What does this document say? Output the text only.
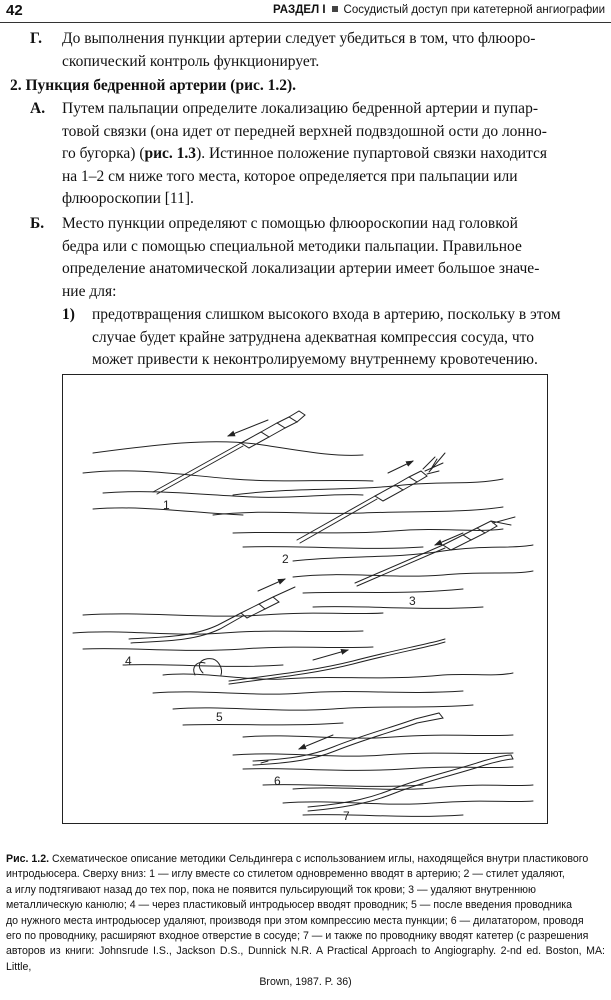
42	РАЗДЕЛ I Сосудистый доступ при катетерной ангиографии
Г. До выполнения пункции артерии следует убедиться в том, что флюоро-
скопический контроль функционирует.
2. Пункция бедренной артерии (рис. 1.2).
А. Путем пальпации определите локализацию бедренной артерии и пупар-
товой связки (она идет от передней верхней подвздошной ости до лонно-
го бугорка) (рис. 1.3). Истинное положение пупартовой связки находится
на 1–2 см ниже того места, которое определяется при пальпации или
флюороскопии [11].
Б. Место пункции определяют с помощью флюороскопии над головкой
бедра или с помощью специальной методики пальпации. Правильное
определение анатомической локализации артерии имеет большое значе-
ние для:
1) предотвращения слишком высокого входа в артерию, поскольку в этом
случае будет крайне затруднена адекватная компрессия сосуда, что
может привести к неконтролируемому внутреннему кровотечению.
1
2
3
4
5
6
7
Рис. 1.2. Схематическое описание методики Сельдингера с использованием иглы, находящейся внутри пластикового
интродьюсера. Сверху вниз: 1 — иглу вместе со стилетом одновременно вводят в артерию; 2 — стилет удаляют,
а иглу подтягивают назад до тех пор, пока не появится пульсирующий ток крови; 3 — удаляют внутреннюю
металлическую канюлю; 4 — через пластиковый интродьюсер вводят проводник; 5 — после введения проводника
до нужного места интродьюсер удаляют, производя при этом компрессию места пункции; 6 — дилататором, проводя
его по проводнику, расширяют входное отверстие в сосуде; 7 — и также по проводнику вводят катетер (с разрешения
авторов из книги: Johnsrude I.S., Jackson D.S., Dunnick N.R. A Practical Approach to Angiography. 2-nd ed. Boston, MA: Little,
Brown, 1987. P. 36)
